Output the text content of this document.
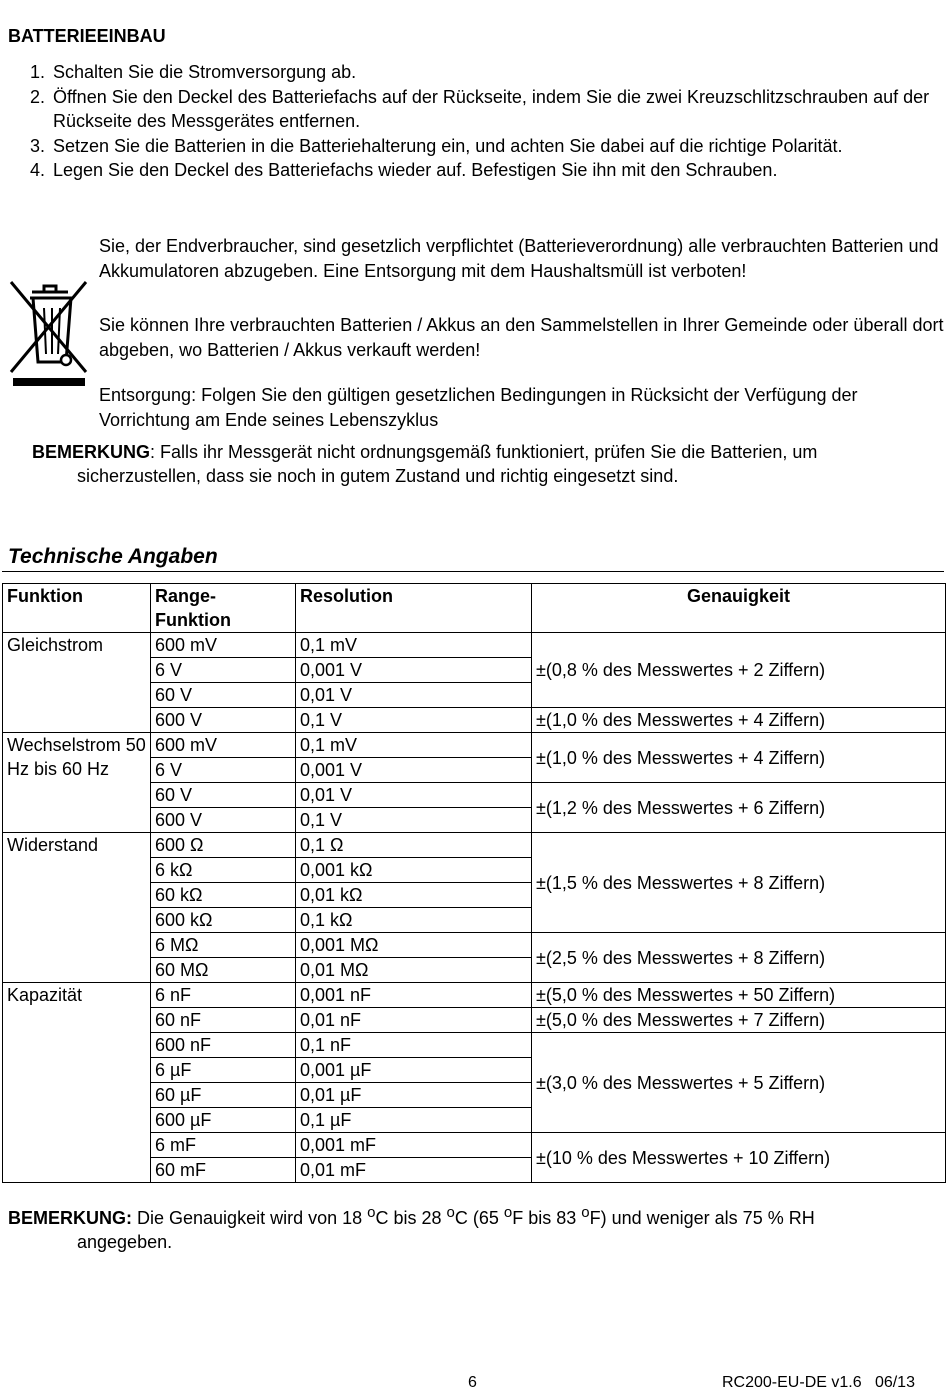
BATTERIEEINBAU
1. Schalten Sie die Stromversorgung ab.
2. Öffnen Sie den Deckel des Batteriefachs auf der Rückseite, indem Sie die zwei Kreuzschlitzschrauben auf der Rückseite des Messgerätes entfernen.
3. Setzen Sie die Batterien in die Batteriehalterung ein, und achten Sie dabei auf die richtige Polarität.
4. Legen Sie den Deckel des Batteriefachs wieder auf. Befestigen Sie ihn mit den Schrauben.
Sie, der Endverbraucher, sind gesetzlich verpflichtet (Batterieverordnung) alle verbrauchten Batterien und Akkumulatoren abzugeben. Eine Entsorgung mit dem Haushaltsmüll ist verboten!
Sie können Ihre verbrauchten Batterien / Akkus an den Sammelstellen in Ihrer Gemeinde oder überall dort abgeben, wo Batterien / Akkus verkauft werden!
Entsorgung: Folgen Sie den gültigen gesetzlichen Bedingungen in Rücksicht der Verfügung der Vorrichtung am Ende seines Lebenszyklus
BEMERKUNG: Falls ihr Messgerät nicht ordnungsgemäß funktioniert, prüfen Sie die Batterien, um
sicherzustellen, dass sie noch in gutem Zustand und richtig eingesetzt sind.
Technische Angaben
Funktion	Range-Funktion	Resolution	Genauigkeit
Gleichstrom	600 mV	0,1 mV	±(0,8 % des Messwertes + 2 Ziffern)
	6 V	0,001 V	
	60 V	0,01 V	
	600 V	0,1 V	±(1,0 % des Messwertes + 4 Ziffern)
Wechselstrom 50 Hz bis 60 Hz	600 mV	0,1 mV	±(1,0 % des Messwertes + 4 Ziffern)
	6 V	0,001 V	
	60 V	0,01 V	±(1,2 % des Messwertes + 6 Ziffern)
	600 V	0,1 V	
Widerstand	600 Ω	0,1 Ω	±(1,5 % des Messwertes + 8 Ziffern)
	6 kΩ	0,001 kΩ	
	60 kΩ	0,01 kΩ	
	600 kΩ	0,1 kΩ	
	6 MΩ	0,001 MΩ	±(2,5 % des Messwertes + 8 Ziffern)
	60 MΩ	0,01 MΩ	
Kapazität	6 nF	0,001 nF	±(5,0 % des Messwertes + 50 Ziffern)
	60 nF	0,01 nF	±(5,0 % des Messwertes + 7 Ziffern)
	600 nF	0,1 nF	±(3,0 % des Messwertes + 5 Ziffern)
	6 µF	0,001 µF	
	60 µF	0,01 µF	
	600 µF	0,1 µF	
	6 mF	0,001 mF	±(10 % des Messwertes + 10 Ziffern)
	60 mF	0,01 mF	
BEMERKUNG: Die Genauigkeit wird von 18 $^o$C bis 28 $^o$C (65 $^o$F bis 83 $^o$F) und weniger als 75 % RH
angegeben.
6	RC200-EU-DE v1.6   06/13
